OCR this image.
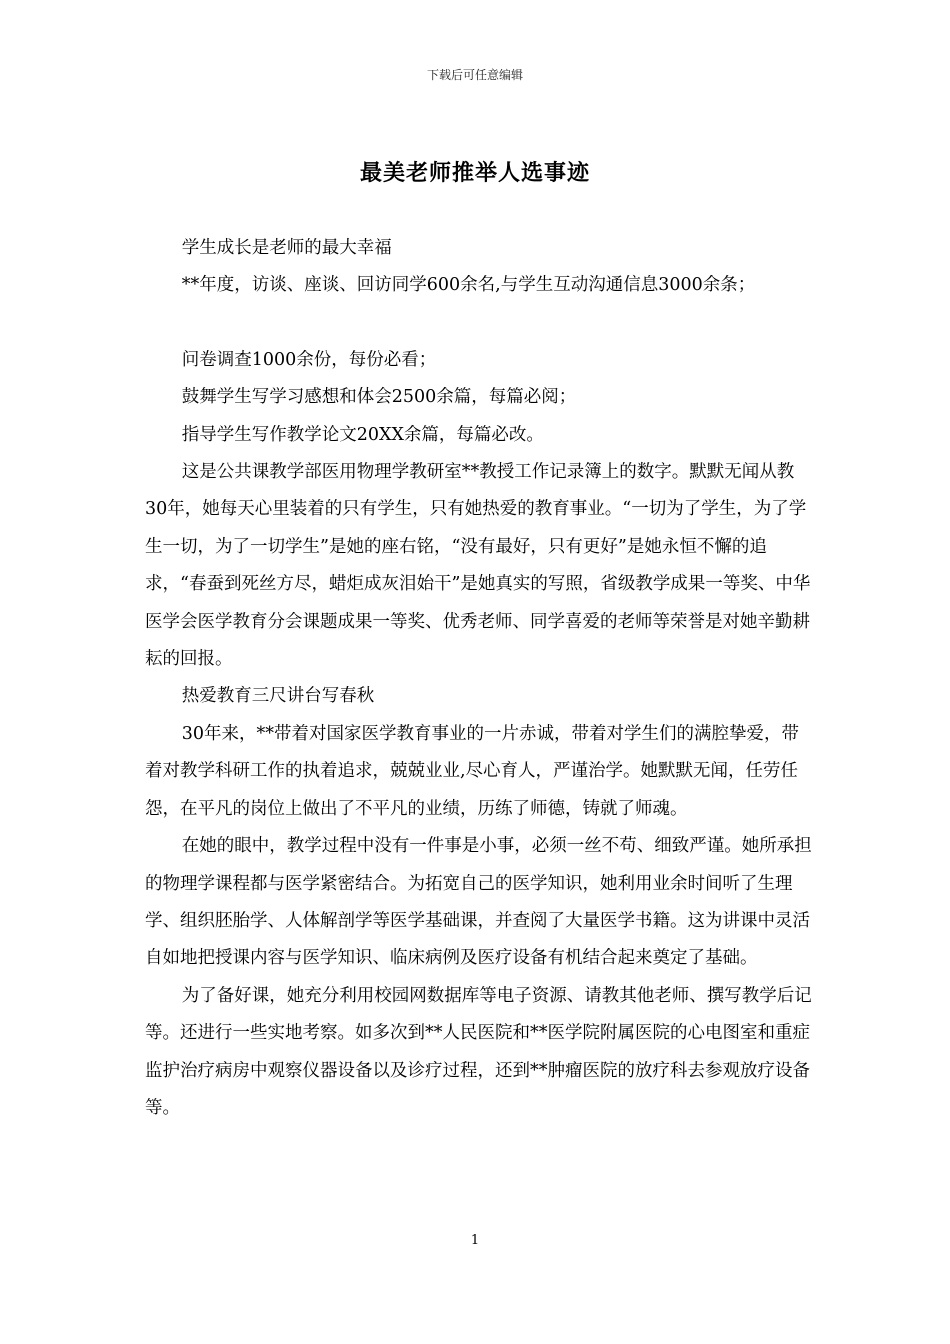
下载后可任意编辑
最美老师推举人选事迹

学生成长是老师的最大幸福

**年度，访谈、座谈、回访同学600余名,与学生互动沟通信息3000余条；

问卷调查1000余份，每份必看；

鼓舞学生写学习感想和体会2500余篇，每篇必阅；

指导学生写作教学论文20XX余篇，每篇必改。

这是公共课教学部医用物理学教研室**教授工作记录簿上的数字。默默无闻从教30年，她每天心里装着的只有学生，只有她热爱的教育事业。“一切为了学生，为了学生一切，为了一切学生”是她的座右铭，“没有最好，只有更好”是她永恒不懈的追求，“春蚕到死丝方尽，蜡炬成灰泪始干”是她真实的写照，省级教学成果一等奖、中华医学会医学教育分会课题成果一等奖、优秀老师、同学喜爱的老师等荣誉是对她辛勤耕耘的回报。

热爱教育三尺讲台写春秋

30年来，**带着对国家医学教育事业的一片赤诚，带着对学生们的满腔挚爱，带着对教学科研工作的执着追求，兢兢业业,尽心育人，严谨治学。她默默无闻，任劳任怨，在平凡的岗位上做出了不平凡的业绩，历练了师德，铸就了师魂。

在她的眼中，教学过程中没有一件事是小事，必须一丝不苟、细致严谨。她所承担的物理学课程都与医学紧密结合。为拓宽自己的医学知识，她利用业余时间听了生理学、组织胚胎学、人体解剖学等医学基础课，并查阅了大量医学书籍。这为讲课中灵活自如地把授课内容与医学知识、临床病例及医疗设备有机结合起来奠定了基础。

为了备好课，她充分利用校园网数据库等电子资源、请教其他老师、撰写教学后记等。还进行一些实地考察。如多次到**人民医院和**医学院附属医院的心电图室和重症监护治疗病房中观察仪器设备以及诊疗过程，还到**肿瘤医院的放疗科去参观放疗设备等。

1
